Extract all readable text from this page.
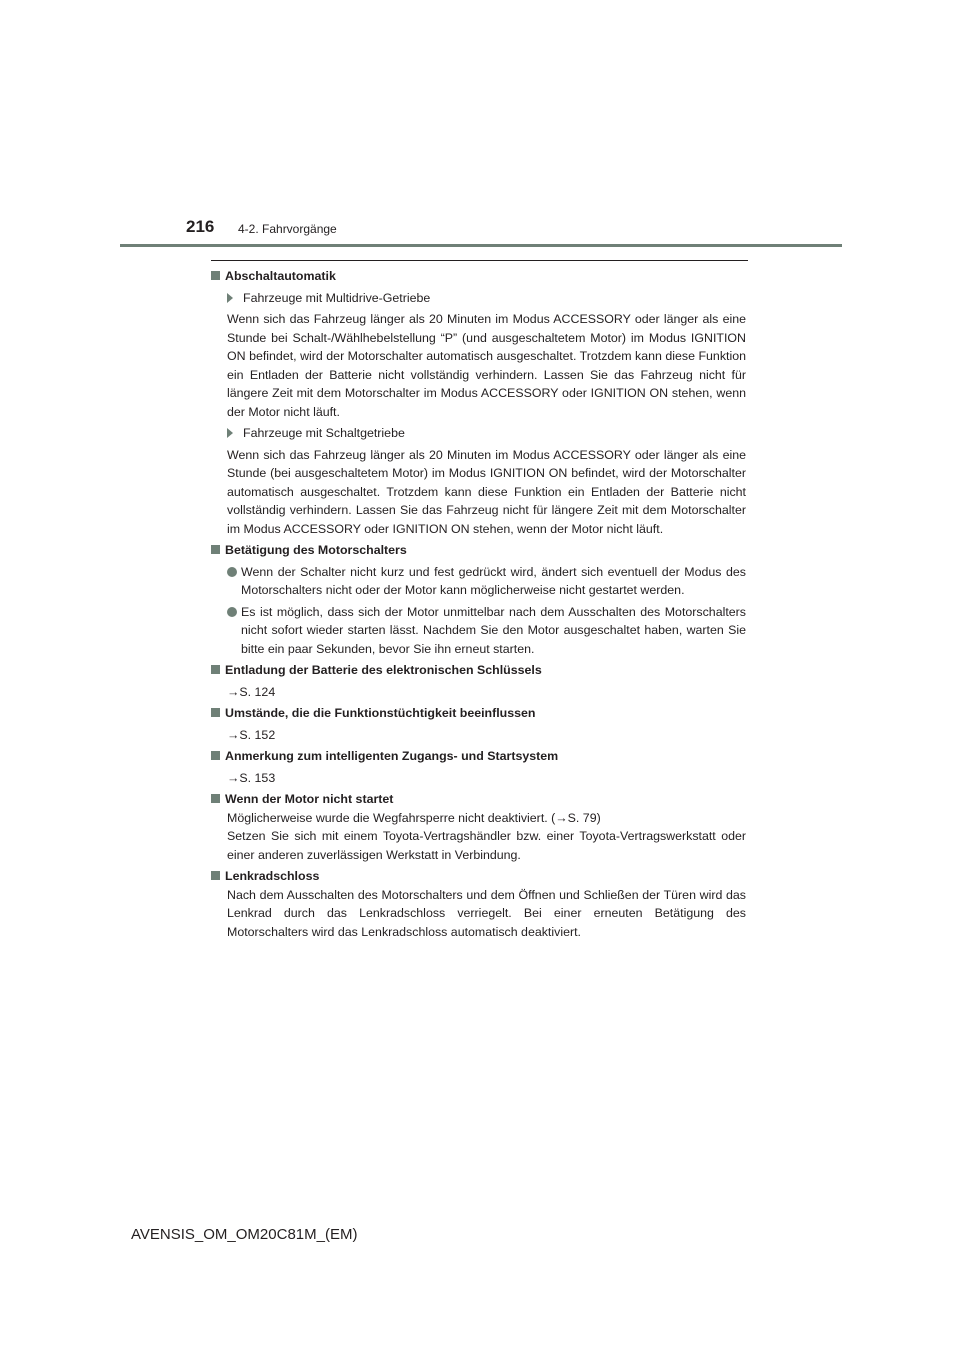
216 4-2. Fahrvorgänge
Abschaltautomatik
Fahrzeuge mit Multidrive-Getriebe
Wenn sich das Fahrzeug länger als 20 Minuten im Modus ACCESSORY oder länger als eine Stunde bei Schalt-/Wählhebelstellung “P” (und ausgeschaltetem Motor) im Modus IGNITION ON befindet, wird der Motorschalter automatisch ausgeschaltet. Trotzdem kann diese Funktion ein Entladen der Batterie nicht vollständig verhindern. Lassen Sie das Fahrzeug nicht für längere Zeit mit dem Motorschalter im Modus ACCESSORY oder IGNITION ON stehen, wenn der Motor nicht läuft.
Fahrzeuge mit Schaltgetriebe
Wenn sich das Fahrzeug länger als 20 Minuten im Modus ACCESSORY oder länger als eine Stunde (bei ausgeschaltetem Motor) im Modus IGNITION ON befindet, wird der Motorschalter automatisch ausgeschaltet. Trotzdem kann diese Funktion ein Entladen der Batterie nicht vollständig verhindern. Lassen Sie das Fahrzeug nicht für längere Zeit mit dem Motorschalter im Modus ACCESSORY oder IGNITION ON stehen, wenn der Motor nicht läuft.
Betätigung des Motorschalters
Wenn der Schalter nicht kurz und fest gedrückt wird, ändert sich eventuell der Modus des Motorschalters nicht oder der Motor kann möglicherweise nicht gestartet werden.
Es ist möglich, dass sich der Motor unmittelbar nach dem Ausschalten des Motorschalters nicht sofort wieder starten lässt. Nachdem Sie den Motor ausgeschaltet haben, warten Sie bitte ein paar Sekunden, bevor Sie ihn erneut starten.
Entladung der Batterie des elektronischen Schlüssels
→S. 124
Umstände, die die Funktionstüchtigkeit beeinflussen
→S. 152
Anmerkung zum intelligenten Zugangs- und Startsystem
→S. 153
Wenn der Motor nicht startet
Möglicherweise wurde die Wegfahrsperre nicht deaktiviert. (→S. 79)
Setzen Sie sich mit einem Toyota-Vertragshändler bzw. einer Toyota-Vertragswerkstatt oder einer anderen zuverlässigen Werkstatt in Verbindung.
Lenkradschloss
Nach dem Ausschalten des Motorschalters und dem Öffnen und Schließen der Türen wird das Lenkrad durch das Lenkradschloss verriegelt. Bei einer erneuten Betätigung des Motorschalters wird das Lenkradschloss automatisch deaktiviert.
AVENSIS_OM_OM20C81M_(EM)
